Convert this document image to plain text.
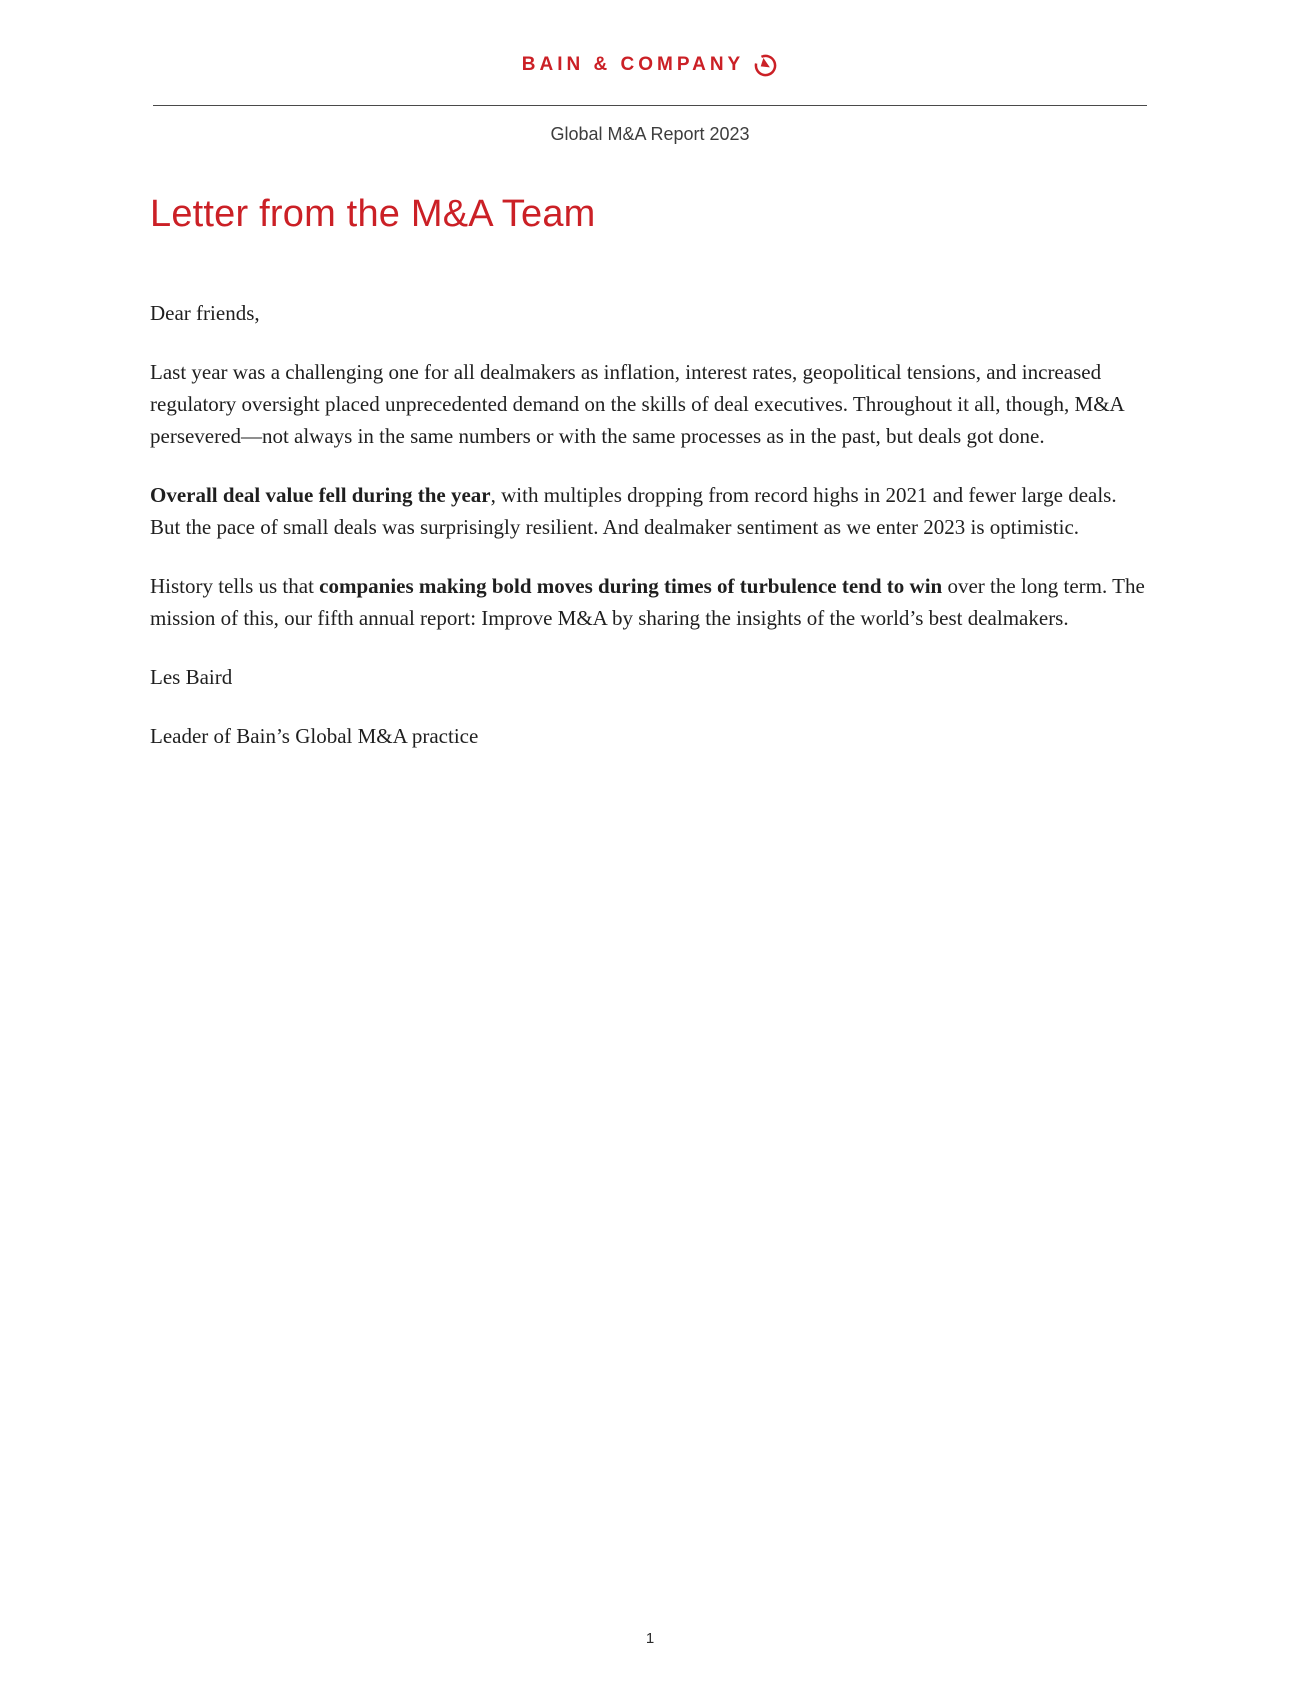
BAIN & COMPANY
Global M&A Report 2023
Letter from the M&A Team

Dear friends,

Last year was a challenging one for all dealmakers as inflation, interest rates, geopolitical tensions, and increased regulatory oversight placed unprecedented demand on the skills of deal executives. Throughout it all, though, M&A persevered—not always in the same numbers or with the same processes as in the past, but deals got done.

Overall deal value fell during the year, with multiples dropping from record highs in 2021 and fewer large deals. But the pace of small deals was surprisingly resilient. And dealmaker sentiment as we enter 2023 is optimistic.

History tells us that companies making bold moves during times of turbulence tend to win over the long term. The mission of this, our fifth annual report: Improve M&A by sharing the insights of the world’s best dealmakers.

Les Baird

Leader of Bain’s Global M&A practice

1
